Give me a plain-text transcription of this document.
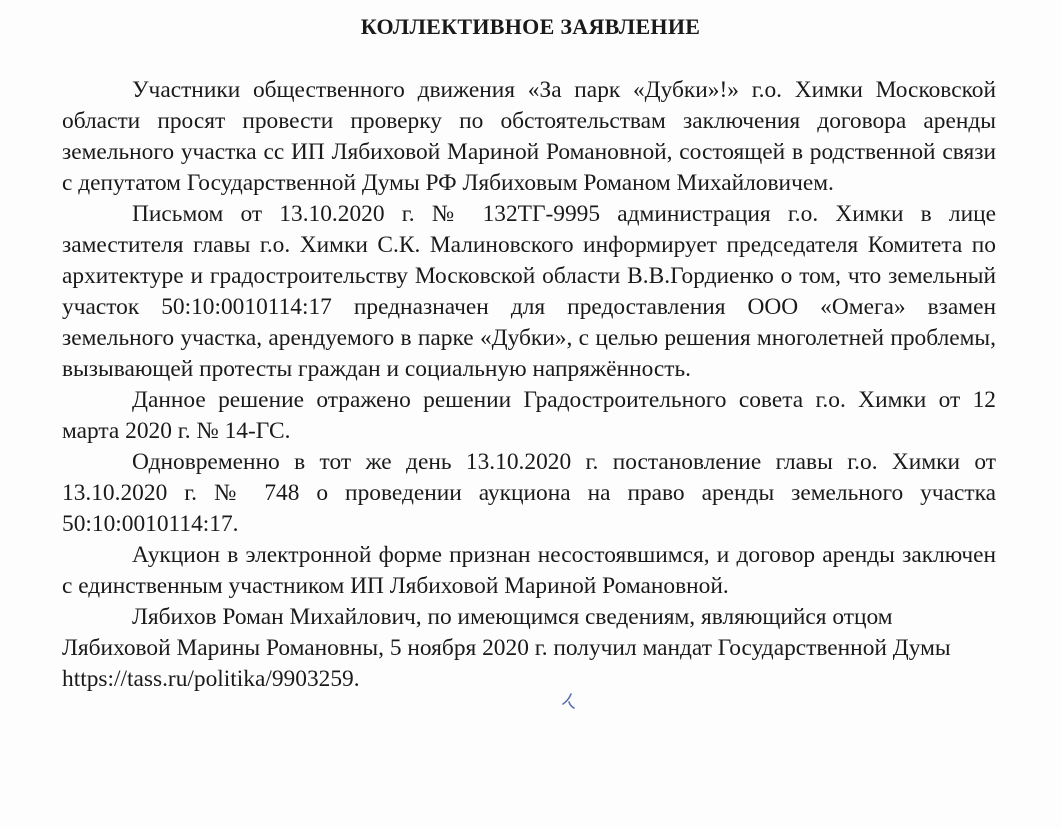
КОЛЛЕКТИВНОЕ ЗАЯВЛЕНИЕ

Участники общественного движения «За парк «Дубки»!» г.о. Химки Московской области просят провести проверку по обстоятельствам заключения договора аренды земельного участка сс ИП Лябиховой Мариной Романовной, состоящей в родственной связи с депутатом Государственной Думы РФ Лябиховым Романом Михайловичем.

Письмом от 13.10.2020 г. № 132ТГ-9995 администрация г.о. Химки в лице заместителя главы г.о. Химки С.К. Малиновского информирует председателя Комитета по архитектуре и градостроительству Московской области В.В.Гордиенко о том, что земельный участок 50:10:0010114:17 предназначен для предоставления ООО «Омега» взамен земельного участка, арендуемого в парке «Дубки», с целью решения многолетней проблемы, вызывающей протесты граждан и социальную напряжённость.

Данное решение отражено решении Градостроительного совета г.о. Химки от 12 марта 2020 г. № 14-ГС.

Одновременно в тот же день 13.10.2020 г. постановление главы г.о. Химки от 13.10.2020 г. № 748 о проведении аукциона на право аренды земельного участка 50:10:0010114:17.

Аукцион в электронной форме признан несостоявшимся, и договор аренды заключен с единственным участником ИП Лябиховой Мариной Романовной.

Лябихов Роман Михайлович, по имеющимся сведениям, являющийся отцом Лябиховой Марины Романовны, 5 ноября 2020 г. получил мандат Государственной Думы https://tass.ru/politika/9903259.
